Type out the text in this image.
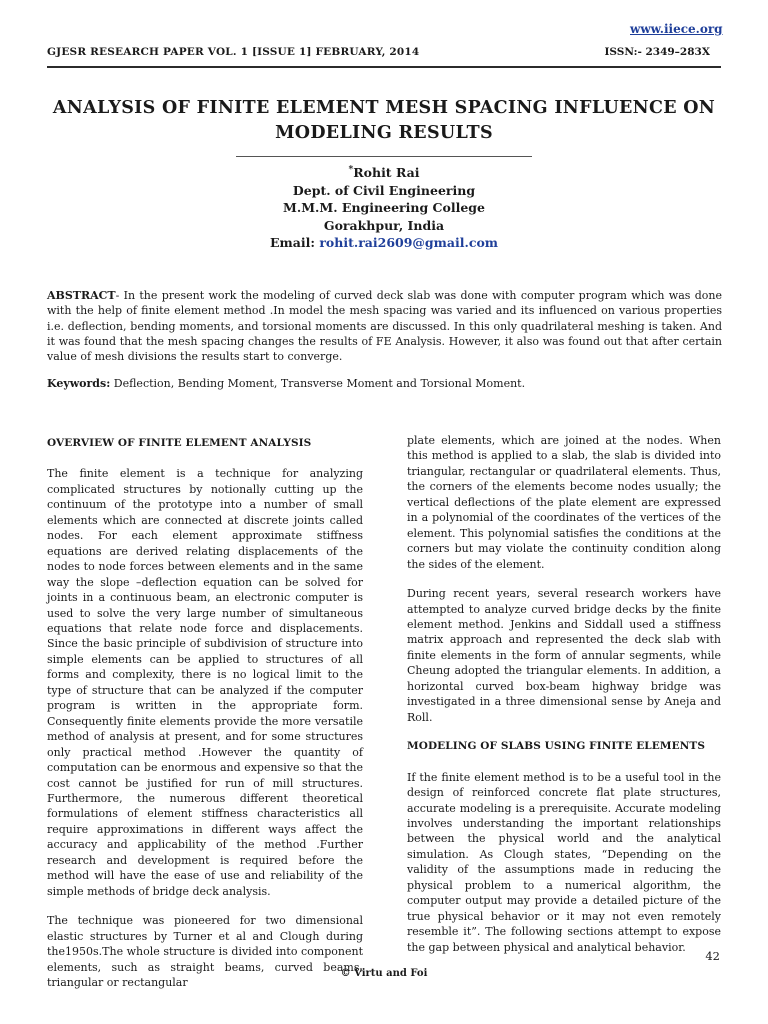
www.iiece.org
GJESR RESEARCH PAPER VOL. 1 [ISSUE 1] FEBRUARY, 2014	ISSN:- 2349–283X
ANALYSIS OF FINITE ELEMENT MESH SPACING INFLUENCE ON MODELING RESULTS
*Rohit Rai
Dept. of Civil Engineering
M.M.M. Engineering College
Gorakhpur, India
Email: rohit.rai2609@gmail.com
ABSTRACT- In the present work the modeling of curved deck slab was done with computer program which was done with the help of finite element method .In model the mesh spacing was varied and its influenced on various properties i.e. deflection, bending moments, and torsional moments are discussed. In this only quadrilateral meshing is taken. And it was found that the mesh spacing changes the results of FE Analysis. However, it also was found out that after certain value of mesh divisions the results start to converge.
Keywords: Deflection, Bending Moment, Transverse Moment and Torsional Moment.
OVERVIEW OF FINITE ELEMENT ANALYSIS

The finite element is a technique for analyzing complicated structures by notionally cutting up the continuum of the prototype into a number of small elements which are connected at discrete joints called nodes. For each element approximate stiffness equations are derived relating displacements of the nodes to node forces between elements and in the same way the slope –deflection equation can be solved for joints in a continuous beam, an electronic computer is used to solve the very large number of simultaneous equations that relate node force and displacements. Since the basic principle of subdivision of structure into simple elements can be applied to structures of all forms and complexity, there is no logical limit to the type of structure that can be analyzed if the computer program is written in the appropriate form. Consequently finite elements provide the more versatile method of analysis at present, and for some structures only practical method .However the quantity of computation can be enormous and expensive so that the cost cannot be justified for run of mill structures. Furthermore, the numerous different theoretical formulations of element stiffness characteristics all require approximations in different ways affect the accuracy and applicability of the method .Further research and development is required before the method will have the ease of use and reliability of the simple methods of bridge deck analysis.

The technique was pioneered for two dimensional elastic structures by Turner et al and Clough during the1950s.The whole structure is divided into component elements, such as straight beams, curved beams, triangular or rectangular

plate elements, which are joined at the nodes. When this method is applied to a slab, the slab is divided into triangular, rectangular or quadrilateral elements. Thus, the corners of the elements become nodes usually; the vertical deflections of the plate element are expressed in a polynomial of the coordinates of the vertices of the element. This polynomial satisfies the conditions at the corners but may violate the continuity condition along the sides of the element.

During recent years, several research workers have attempted to analyze curved bridge decks by the finite element method. Jenkins and Siddall used a stiffness matrix approach and represented the deck slab with finite elements in the form of annular segments, while Cheung adopted the triangular elements. In addition, a horizontal curved box-beam highway bridge was investigated in a three dimensional sense by Aneja and Roll.

MODELING OF SLABS USING FINITE ELEMENTS

If the finite element method is to be a useful tool in the design of reinforced concrete flat plate structures, accurate modeling is a prerequisite. Accurate modeling involves understanding the important relationships between the physical world and the analytical simulation. As Clough states, “Depending on the validity of the assumptions made in reducing the physical problem to a numerical algorithm, the computer output may provide a detailed picture of the true physical behavior or it may not even remotely resemble it”. The following sections attempt to expose the gap between physical and analytical behavior.

42
© Virtu and Foi
